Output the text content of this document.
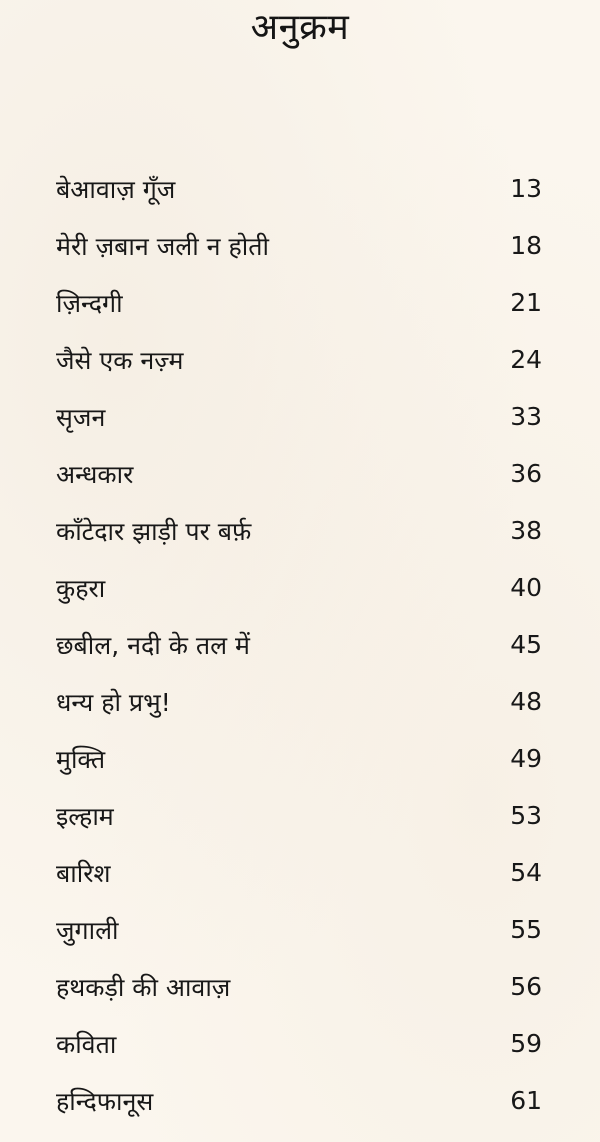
अनुक्रम
बेआवाज़ गूँज	13
मेरी ज़बान जली न होती	18
ज़िन्दगी	21
जैसे एक नज़्म	24
सृजन	33
अन्धकार	36
काँटेदार झाड़ी पर बर्फ़	38
कुहरा	40
छबील, नदी के तल में	45
धन्य हो प्रभु!	48
मुक्ति	49
इल्हाम	53
बारिश	54
जुगाली	55
हथकड़ी की आवाज़	56
कविता	59
हन्दिफानूस	61
